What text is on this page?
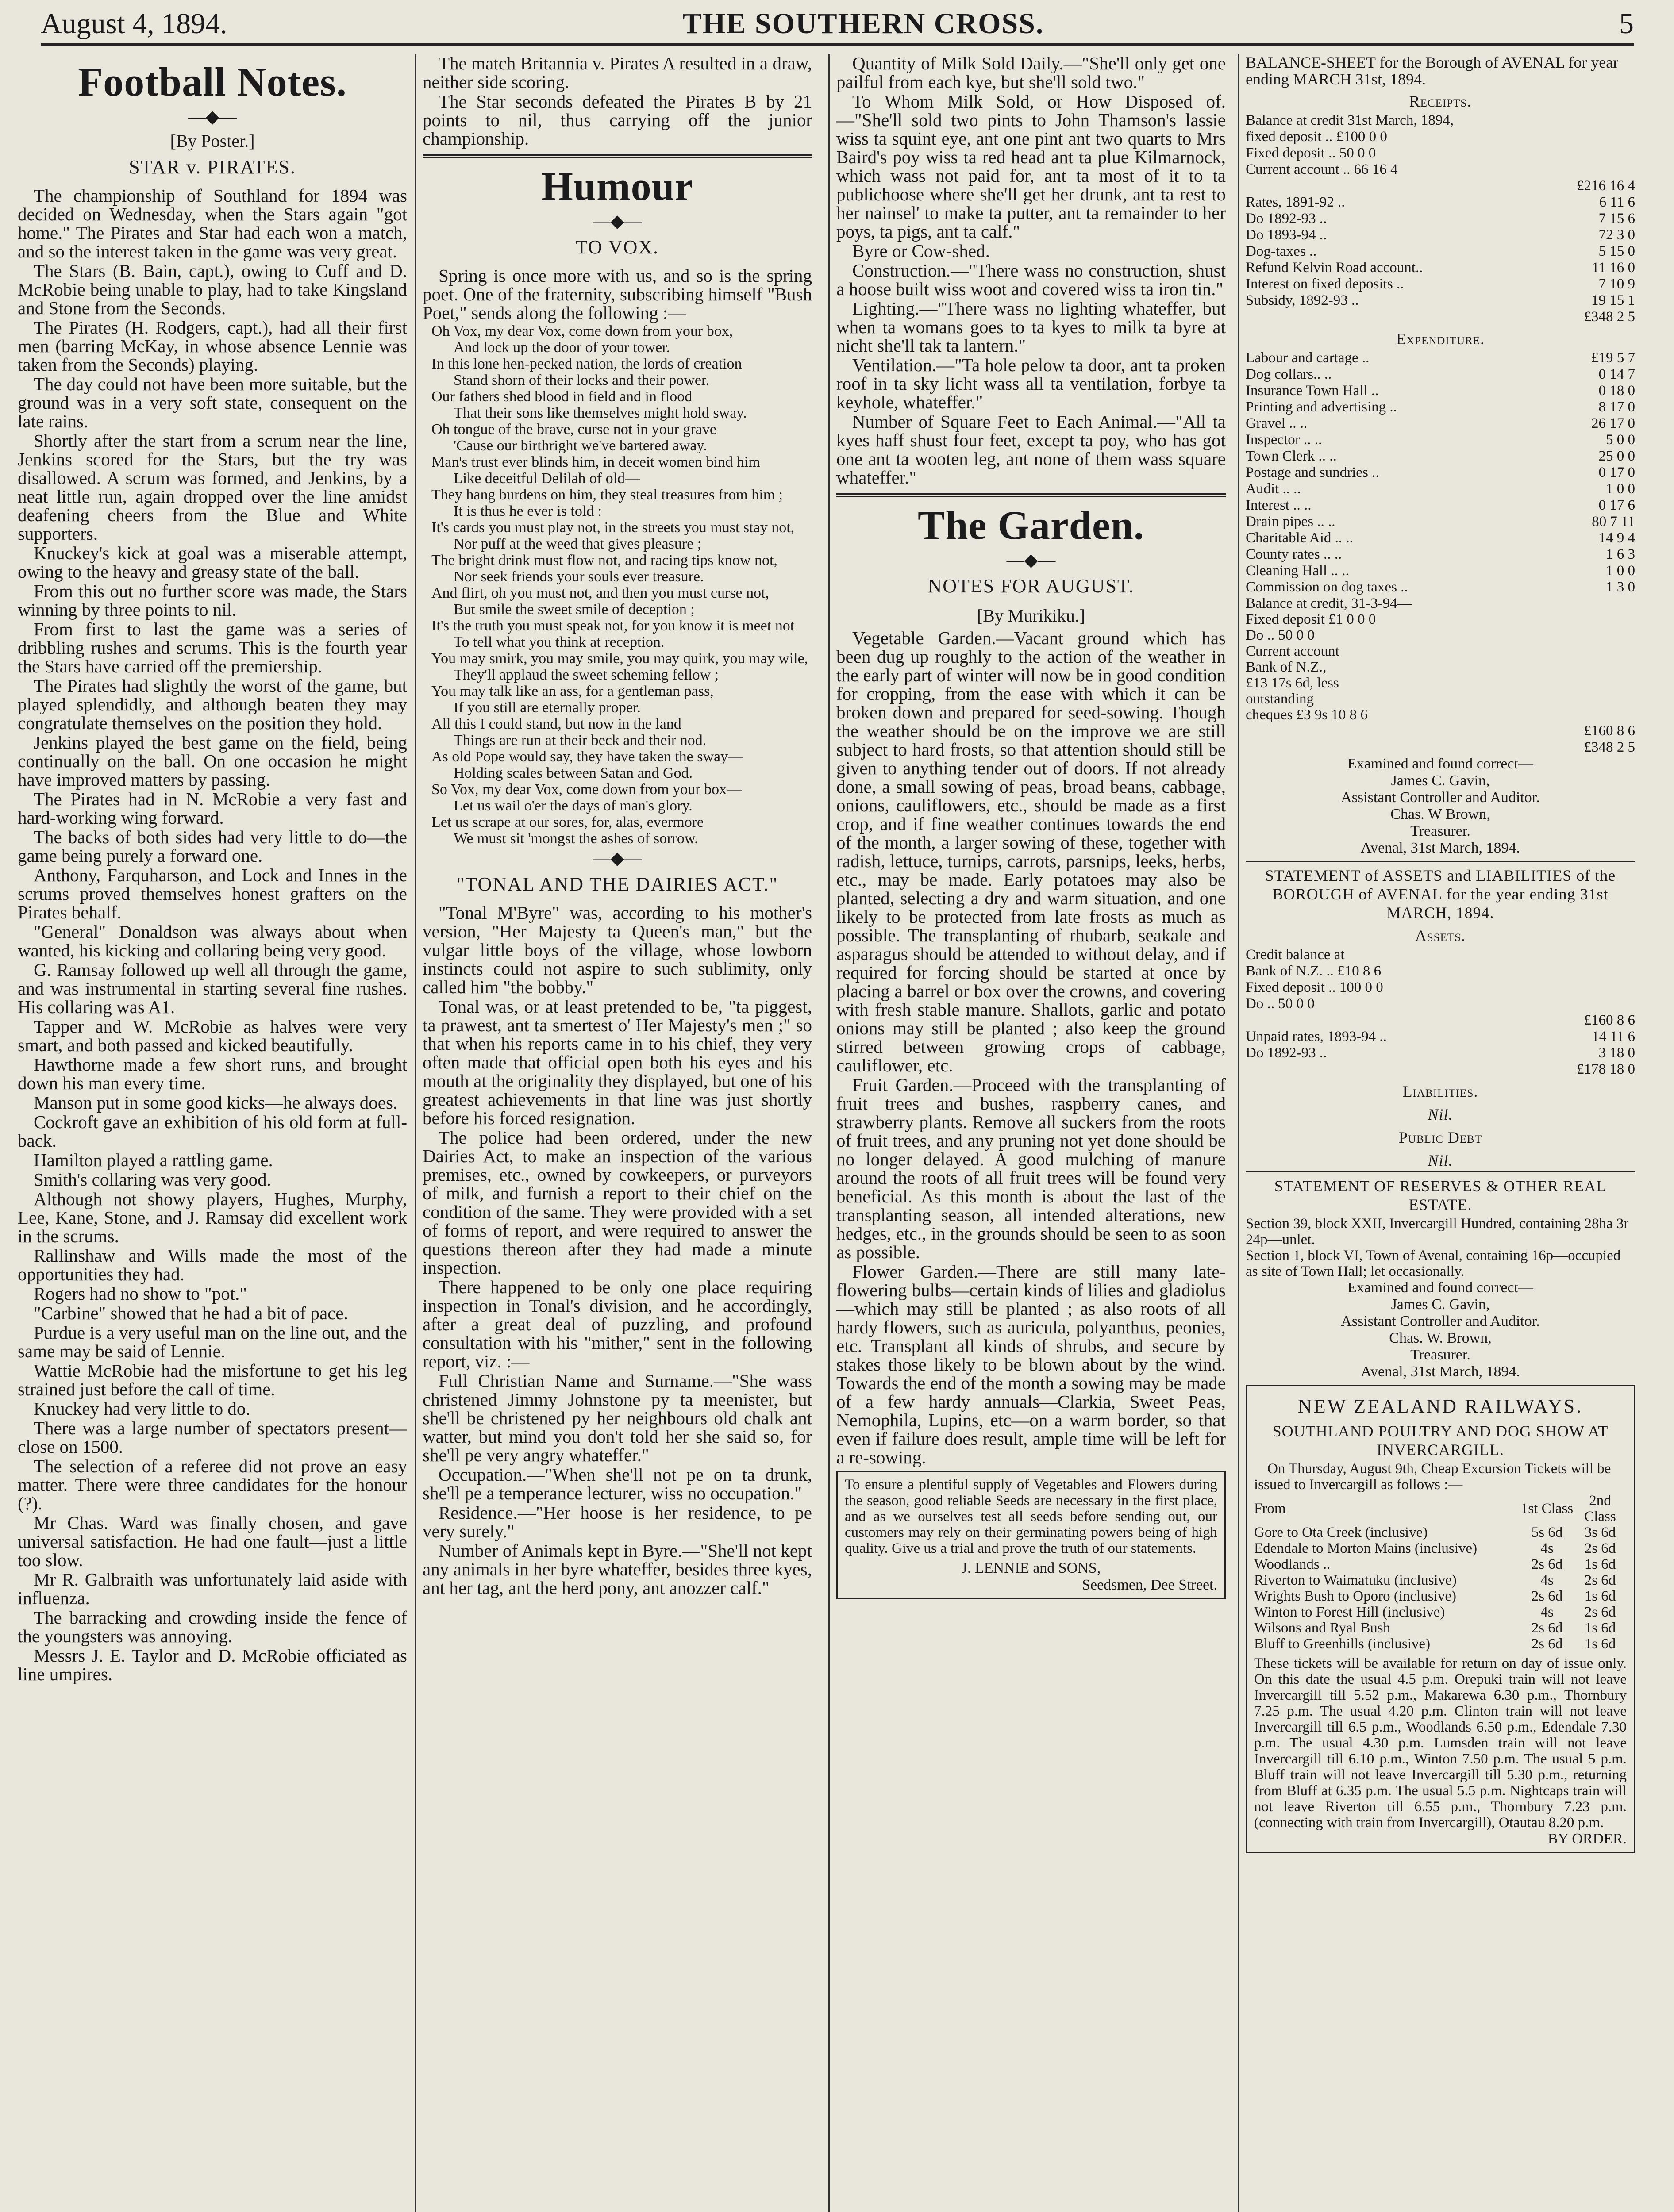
August 4, 1894.	THE SOUTHERN CROSS.	5
Football Notes.
—◆—
[By Poster.]
STAR v. PIRATES.

The championship of Southland for 1894 was decided on Wednesday, when the Stars again "got home." The Pirates and Star had each won a match, and so the interest taken in the game was very great.

The Stars (B. Bain, capt.), owing to Cuff and D. McRobie being unable to play, had to take Kingsland and Stone from the Seconds.

The Pirates (H. Rodgers, capt.), had all their first men (barring McKay, in whose absence Lennie was taken from the Seconds) playing.

The day could not have been more suitable, but the ground was in a very soft state, consequent on the late rains.

Shortly after the start from a scrum near the line, Jenkins scored for the Stars, but the try was disallowed. A scrum was formed, and Jenkins, by a neat little run, again dropped over the line amidst deafening cheers from the Blue and White supporters.

Knuckey's kick at goal was a miserable attempt, owing to the heavy and greasy state of the ball.

From this out no further score was made, the Stars winning by three points to nil.

From first to last the game was a series of dribbling rushes and scrums. This is the fourth year the Stars have carried off the premiership.

The Pirates had slightly the worst of the game, but played splendidly, and although beaten they may congratulate themselves on the position they hold.

Jenkins played the best game on the field, being continually on the ball. On one occasion he might have improved matters by passing.

The Pirates had in N. McRobie a very fast and hard-working wing forward.

The backs of both sides had very little to do—the game being purely a forward one.

Anthony, Farquharson, and Lock and Innes in the scrums proved themselves honest grafters on the Pirates behalf.

"General" Donaldson was always about when wanted, his kicking and collaring being very good.

G. Ramsay followed up well all through the game, and was instrumental in starting several fine rushes. His collaring was A1.

Tapper and W. McRobie as halves were very smart, and both passed and kicked beautifully.

Hawthorne made a few short runs, and brought down his man every time.

Manson put in some good kicks—he always does.

Cockroft gave an exhibition of his old form at full-back.

Hamilton played a rattling game.

Smith's collaring was very good.

Although not showy players, Hughes, Murphy, Lee, Kane, Stone, and J. Ramsay did excellent work in the scrums.

Rallinshaw and Wills made the most of the opportunities they had.

Rogers had no show to "pot."

"Carbine" showed that he had a bit of pace.

Purdue is a very useful man on the line out, and the same may be said of Lennie.

Wattie McRobie had the misfortune to get his leg strained just before the call of time.

Knuckey had very little to do.

There was a large number of spectators present—close on 1500.

The selection of a referee did not prove an easy matter. There were three candidates for the honour (?).

Mr Chas. Ward was finally chosen, and gave universal satisfaction. He had one fault—just a little too slow.

Mr R. Galbraith was unfortunately laid aside with influenza.

The barracking and crowding inside the fence of the youngsters was annoying.

Messrs J. E. Taylor and D. McRobie officiated as line umpires.

The match Britannia v. Pirates A resulted in a draw, neither side scoring.

The Star seconds defeated the Pirates B by 21 points to nil, thus carrying off the junior championship.

Humour
—◆—
TO VOX.

Spring is once more with us, and so is the spring poet. One of the fraternity, subscribing himself "Bush Poet," sends along the following :—

Oh Vox, my dear Vox, come down from your box,
And lock up the door of your tower.
In this lone hen-pecked nation, the lords of creation
Stand shorn of their locks and their power.
Our fathers shed blood in field and in flood
That their sons like themselves might hold sway.
Oh tongue of the brave, curse not in your grave
'Cause our birthright we've bartered away.
Man's trust ever blinds him, in deceit women bind him
Like deceitful Delilah of old—
They hang burdens on him, they steal treasures from him ;
It is thus he ever is told :
It's cards you must play not, in the streets you must stay not,
Nor puff at the weed that gives pleasure ;
The bright drink must flow not, and racing tips know not,
Nor seek friends your souls ever treasure.
And flirt, oh you must not, and then you must curse not,
But smile the sweet smile of deception ;
It's the truth you must speak not, for you know it is meet not
To tell what you think at reception.
You may smirk, you may smile, you may quirk, you may wile,
They'll applaud the sweet scheming fellow ;
You may talk like an ass, for a gentleman pass,
If you still are eternally proper.
All this I could stand, but now in the land
Things are run at their beck and their nod.
As old Pope would say, they have taken the sway—
Holding scales between Satan and God.
So Vox, my dear Vox, come down from your box—
Let us wail o'er the days of man's glory.
Let us scrape at our sores, for, alas, evermore
We must sit 'mongst the ashes of sorrow.
—◆—
"TONAL AND THE DAIRIES ACT."

"Tonal M'Byre" was, according to his mother's version, "Her Majesty ta Queen's man," but the vulgar little boys of the village, whose lowborn instincts could not aspire to such sublimity, only called him "the bobby."

Tonal was, or at least pretended to be, "ta piggest, ta prawest, ant ta smertest o' Her Majesty's men ;" so that when his reports came in to his chief, they very often made that official open both his eyes and his mouth at the originality they displayed, but one of his greatest achievements in that line was just shortly before his forced resignation.

The police had been ordered, under the new Dairies Act, to make an inspection of the various premises, etc., owned by cowkeepers, or purveyors of milk, and furnish a report to their chief on the condition of the same. They were provided with a set of forms of report, and were required to answer the questions thereon after they had made a minute inspection.

There happened to be only one place requiring inspection in Tonal's division, and he accordingly, after a great deal of puzzling, and profound consultation with his "mither," sent in the following report, viz. :—

Full Christian Name and Surname.—"She wass christened Jimmy Johnstone py ta meenister, but she'll be christened py her neighbours old chalk ant watter, but mind you don't told her she said so, for she'll pe very angry whateffer."

Occupation.—"When she'll not pe on ta drunk, she'll pe a temperance lecturer, wiss no occupation."

Residence.—"Her hoose is her residence, to pe very surely."

Number of Animals kept in Byre.—"She'll not kept any animals in her byre whateffer, besides three kyes, ant her tag, ant the herd pony, ant anozzer calf."

Quantity of Milk Sold Daily.—"She'll only get one pailful from each kye, but she'll sold two."

To Whom Milk Sold, or How Disposed of.—"She'll sold two pints to John Thamson's lassie wiss ta squint eye, ant one pint ant two quarts to Mrs Baird's poy wiss ta red head ant ta plue Kilmarnock, which wass not paid for, ant ta most of it to ta publichoose where she'll get her drunk, ant ta rest to her nainsel' to make ta putter, ant ta remainder to her poys, ta pigs, ant ta calf."

Byre or Cow-shed.

Construction.—"There wass no construction, shust a hoose built wiss woot and covered wiss ta iron tin."

Lighting.—"There wass no lighting whateffer, but when ta womans goes to ta kyes to milk ta byre at nicht she'll tak ta lantern."

Ventilation.—"Ta hole pelow ta door, ant ta proken roof in ta sky licht wass all ta ventilation, forbye ta keyhole, whateffer."

Number of Square Feet to Each Animal.—"All ta kyes haff shust four feet, except ta poy, who has got one ant ta wooten leg, ant none of them wass square whateffer."

The Garden.
—◆—
NOTES FOR AUGUST.
[By Murikiku.]

Vegetable Garden.—Vacant ground which has been dug up roughly to the action of the weather in the early part of winter will now be in good condition for cropping, from the ease with which it can be broken down and prepared for seed-sowing. Though the weather should be on the improve we are still subject to hard frosts, so that attention should still be given to anything tender out of doors. If not already done, a small sowing of peas, broad beans, cabbage, onions, cauliflowers, etc., should be made as a first crop, and if fine weather continues towards the end of the month, a larger sowing of these, together with radish, lettuce, turnips, carrots, parsnips, leeks, herbs, etc., may be made. Early potatoes may also be planted, selecting a dry and warm situation, and one likely to be protected from late frosts as much as possible. The transplanting of rhubarb, seakale and asparagus should be attended to without delay, and if required for forcing should be started at once by placing a barrel or box over the crowns, and covering with fresh stable manure. Shallots, garlic and potato onions may still be planted ; also keep the ground stirred between growing crops of cabbage, cauliflower, etc.

Fruit Garden.—Proceed with the transplanting of fruit trees and bushes, raspberry canes, and strawberry plants. Remove all suckers from the roots of fruit trees, and any pruning not yet done should be no longer delayed. A good mulching of manure around the roots of all fruit trees will be found very beneficial. As this month is about the last of the transplanting season, all intended alterations, new hedges, etc., in the grounds should be seen to as soon as possible.

Flower Garden.—There are still many late-flowering bulbs—certain kinds of lilies and gladiolus—which may still be planted ; as also roots of all hardy flowers, such as auricula, polyanthus, peonies, etc. Transplant all kinds of shrubs, and secure by stakes those likely to be blown about by the wind. Towards the end of the month a sowing may be made of a few hardy annuals—Clarkia, Sweet Peas, Nemophila, Lupins, etc—on a warm border, so that even if failure does result, ample time will be left for a re-sowing.

To ensure a plentiful supply of Vegetables and Flowers during the season, good reliable Seeds are necessary in the first place, and as we ourselves test all seeds before sending out, our customers may rely on their germinating powers being of high quality. Give us a trial and prove the truth of our statements.

J. LENNIE and SONS,
Seedsmen, Dee Street.

BALANCE-SHEET for the Borough of AVENAL for year ending MARCH 31st, 1894.

Receipts.
Balance at credit 31st March, 1894,	
fixed deposit .. £100 0 0	
Fixed deposit .. 50 0 0	
Current account .. 66 16 4	
	£216 16 4
Rates, 1891-92 ..	6 11 6
Do 1892-93 ..	7 15 6
Do 1893-94 ..	72 3 0
Dog-taxes ..	5 15 0
Refund Kelvin Road account..	11 16 0
Interest on fixed deposits ..	7 10 9
Subsidy, 1892-93 ..	19 15 1
	£348 2 5
Expenditure.
Labour and cartage ..	£19 5 7
Dog collars.. ..	0 14 7
Insurance Town Hall ..	0 18 0
Printing and advertising ..	8 17 0
Gravel .. ..	26 17 0
Inspector .. ..	5 0 0
Town Clerk .. ..	25 0 0
Postage and sundries ..	0 17 0
Audit .. ..	1 0 0
Interest .. ..	0 17 6
Drain pipes .. ..	80 7 11
Charitable Aid .. ..	14 9 4
County rates .. ..	1 6 3
Cleaning Hall .. ..	1 0 0
Commission on dog taxes ..	1 3 0
Balance at credit, 31-3-94—
Fixed deposit £1 0 0 0
Do .. 50 0 0
Current account
Bank of N.Z.,
£13 17s 6d, less
outstanding
cheques £3 9s 10 8 6
	£160 8 6
	£348 2 5
Examined and found correct—
James C. Gavin,
Assistant Controller and Auditor.
Chas. W Brown,
Treasurer.
Avenal, 31st March, 1894.
STATEMENT of ASSETS and LIABILITIES of the BOROUGH of AVENAL for the year ending 31st MARCH, 1894.
Assets.
Credit balance at	
Bank of N.Z. .. £10 8 6	
Fixed deposit .. 100 0 0	
Do .. 50 0 0	
	£160 8 6
Unpaid rates, 1893-94 ..	14 11 6
Do 1892-93 ..	3 18 0
	£178 18 0
Liabilities.
Nil.
Public Debt
Nil.
STATEMENT OF RESERVES & OTHER REAL ESTATE.
Section 39, block XXII, Invercargill Hundred, containing 28ha 3r 24p—unlet.
Section 1, block VI, Town of Avenal, containing 16p—occupied as site of Town Hall; let occasionally.
Examined and found correct—
James C. Gavin,
Assistant Controller and Auditor.
Chas. W. Brown,
Treasurer.
Avenal, 31st March, 1894.
NEW ZEALAND RAILWAYS.
SOUTHLAND POULTRY AND DOG SHOW AT INVERCARGILL.

On Thursday, August 9th, Cheap Excursion Tickets will be issued to Invercargill as follows :—

From	1st Class	2nd Class
Gore to Ota Creek (inclusive)	5s 6d	3s 6d
Edendale to Morton Mains (inclusive)	4s	2s 6d
Woodlands ..	2s 6d	1s 6d
Riverton to Waimatuku (inclusive)	4s	2s 6d
Wrights Bush to Oporo (inclusive)	2s 6d	1s 6d
Winton to Forest Hill (inclusive)	4s	2s 6d
Wilsons and Ryal Bush	2s 6d	1s 6d
Bluff to Greenhills (inclusive)	2s 6d	1s 6d

These tickets will be available for return on day of issue only. On this date the usual 4.5 p.m. Orepuki train will not leave Invercargill till 5.52 p.m., Makarewa 6.30 p.m., Thornbury 7.25 p.m. The usual 4.20 p.m. Clinton train will not leave Invercargill till 6.5 p.m., Woodlands 6.50 p.m., Edendale 7.30 p.m. The usual 4.30 p.m. Lumsden train will not leave Invercargill till 6.10 p.m., Winton 7.50 p.m. The usual 5 p.m. Bluff train will not leave Invercargill till 5.30 p.m., returning from Bluff at 6.35 p.m. The usual 5.5 p.m. Nightcaps train will not leave Riverton till 6.55 p.m., Thornbury 7.23 p.m. (connecting with train from Invercargill), Otautau 8.20 p.m.

BY ORDER.
